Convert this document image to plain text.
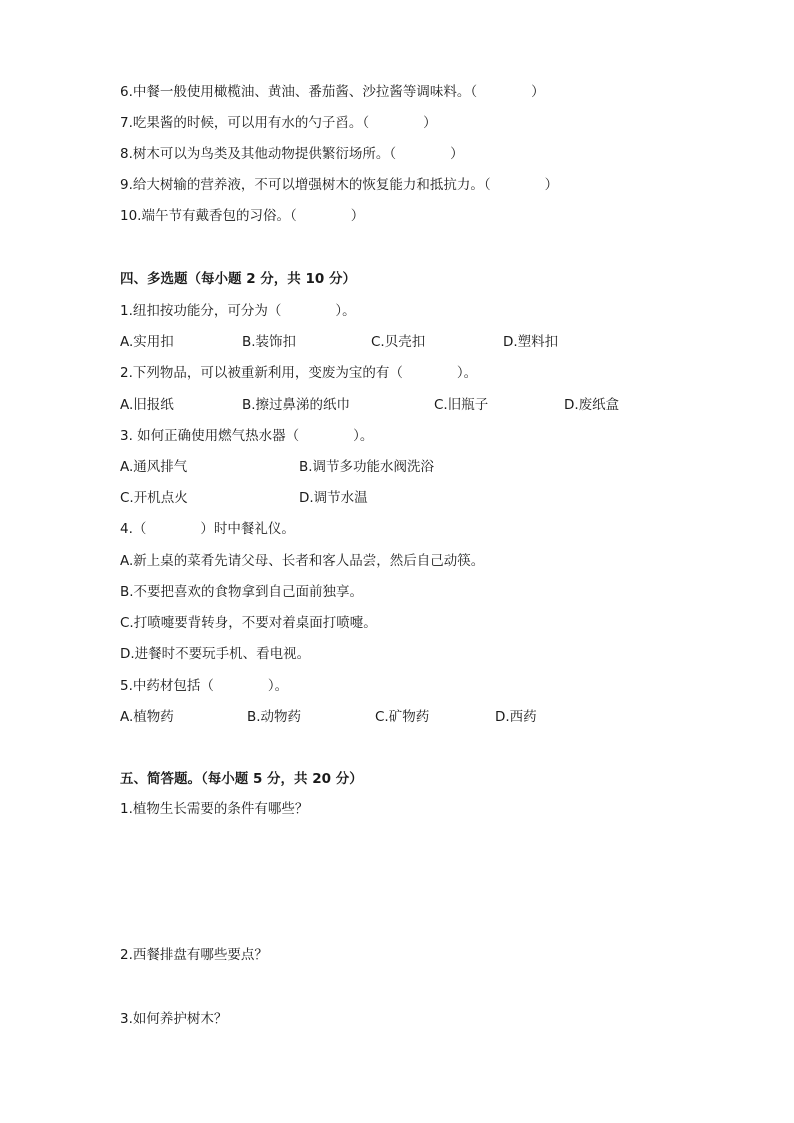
6.中餐一般使用橄榄油、黄油、番茄酱、沙拉酱等调味料。（　　　　）
7.吃果酱的时候，可以用有水的勺子舀。（　　　　）
8.树木可以为鸟类及其他动物提供繁衍场所。（　　　　）
9.给大树输的营养液，不可以增强树木的恢复能力和抵抗力。（　　　　）
10.端午节有戴香包的习俗。（　　　　）
四、多选题（每小题 2 分，共 10 分）
1.纽扣按功能分，可分为（　　　　）。
A.实用扣	B.装饰扣	C.贝壳扣	D.塑料扣
2.下列物品，可以被重新利用，变废为宝的有（　　　　）。
A.旧报纸	B.擦过鼻涕的纸巾	C.旧瓶子	D.废纸盒
3. 如何正确使用燃气热水器（　　　　）。
A.通风排气	B.调节多功能水阀洗浴
C.开机点火	D.调节水温
4.（　　　　）时中餐礼仪。
A.新上桌的菜肴先请父母、长者和客人品尝，然后自己动筷。
B.不要把喜欢的食物拿到自己面前独享。
C.打喷嚏要背转身，不要对着桌面打喷嚏。
D.进餐时不要玩手机、看电视。
5.中药材包括（　　　　）。
A.植物药	B.动物药	C.矿物药	D.西药
五、简答题。（每小题 5 分，共 20 分）
1.植物生长需要的条件有哪些？
2.西餐排盘有哪些要点？
3.如何养护树木？
